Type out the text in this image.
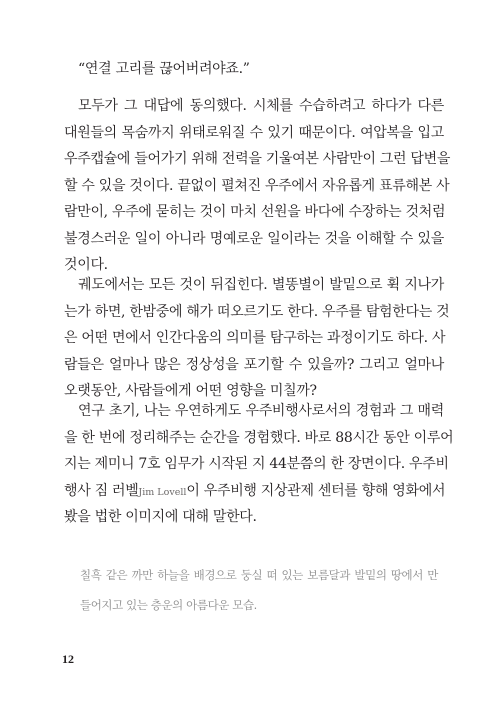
“연결 고리를 끊어버려야죠.”
모두가 그 대답에 동의했다. 시체를 수습하려고 하다가 다른
대원들의 목숨까지 위태로워질 수 있기 때문이다. 여압복을 입고
우주캡슐에 들어가기 위해 전력을 기울여본 사람만이 그런 답변을
할 수 있을 것이다. 끝없이 펼쳐진 우주에서 자유롭게 표류해본 사
람만이, 우주에 묻히는 것이 마치 선원을 바다에 수장하는 것처럼
불경스러운 일이 아니라 명예로운 일이라는 것을 이해할 수 있을
것이다.
궤도에서는 모든 것이 뒤집힌다. 별똥별이 발밑으로 휙 지나가
는가 하면, 한밤중에 해가 떠오르기도 한다. 우주를 탐험한다는 것
은 어떤 면에서 인간다움의 의미를 탐구하는 과정이기도 하다. 사
람들은 얼마나 많은 정상성을 포기할 수 있을까? 그리고 얼마나
오랫동안, 사람들에게 어떤 영향을 미칠까?
연구 초기, 나는 우연하게도 우주비행사로서의 경험과 그 매력
을 한 번에 정리해주는 순간을 경험했다. 바로 88시간 동안 이루어
지는 제미니 7호 임무가 시작된 지 44분쯤의 한 장면이다. 우주비
행사 짐 러벨Jim Lovell이 우주비행 지상관제 센터를 향해 영화에서
봤을 법한 이미지에 대해 말한다.
칠흑 같은 까만 하늘을 배경으로 둥실 떠 있는 보름달과 발밑의 땅에서 만
들어지고 있는 층운의 아름다운 모습.
12
